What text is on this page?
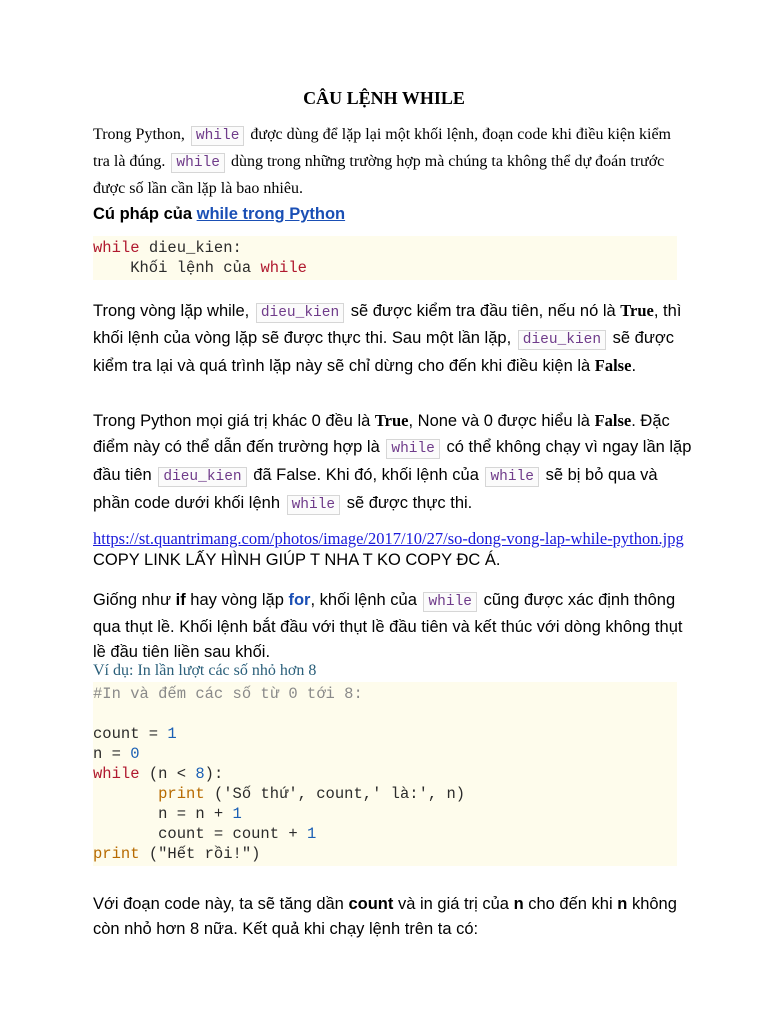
CÂU LỆNH WHILE
Trong Python, while được dùng để lặp lại một khối lệnh, đoạn code khi điều kiện kiểm tra là đúng. while dùng trong những trường hợp mà chúng ta không thể dự đoán trước được số lần cần lặp là bao nhiêu.
Cú pháp của while trong Python
while dieu_kien:
Khối lệnh của while
Trong vòng lặp while, dieu_kien sẽ được kiểm tra đầu tiên, nếu nó là True, thì khối lệnh của vòng lặp sẽ được thực thi. Sau một lần lặp, dieu_kien sẽ được kiểm tra lại và quá trình lặp này sẽ chỉ dừng cho đến khi điều kiện là False.
Trong Python mọi giá trị khác 0 đều là True, None và 0 được hiểu là False. Đặc điểm này có thể dẫn đến trường hợp là while có thể không chạy vì ngay lần lặp đầu tiên dieu_kien đã False. Khi đó, khối lệnh của while sẽ bị bỏ qua và phần code dưới khối lệnh while sẽ được thực thi.
https://st.quantrimang.com/photos/image/2017/10/27/so-dong-vong-lap-while-python.jpg COPY LINK LẤY HÌNH GIÚP T NHA T KO COPY ĐC Á.
Giống như if hay vòng lặp for, khối lệnh của while cũng được xác định thông qua thụt lề. Khối lệnh bắt đầu với thụt lề đầu tiên và kết thúc với dòng không thụt lề đầu tiên liền sau khối.
Ví dụ: In lần lượt các số nhỏ hơn 8
#In và đếm các số từ 0 tới 8:

count = 1
n = 0
while (n < 8):
print ('Số thứ', count,' là:', n)
n = n + 1
count = count + 1
print ("Hết rồi!")
Với đoạn code này, ta sẽ tăng dần count và in giá trị của n cho đến khi n không còn nhỏ hơn 8 nữa. Kết quả khi chạy lệnh trên ta có:
